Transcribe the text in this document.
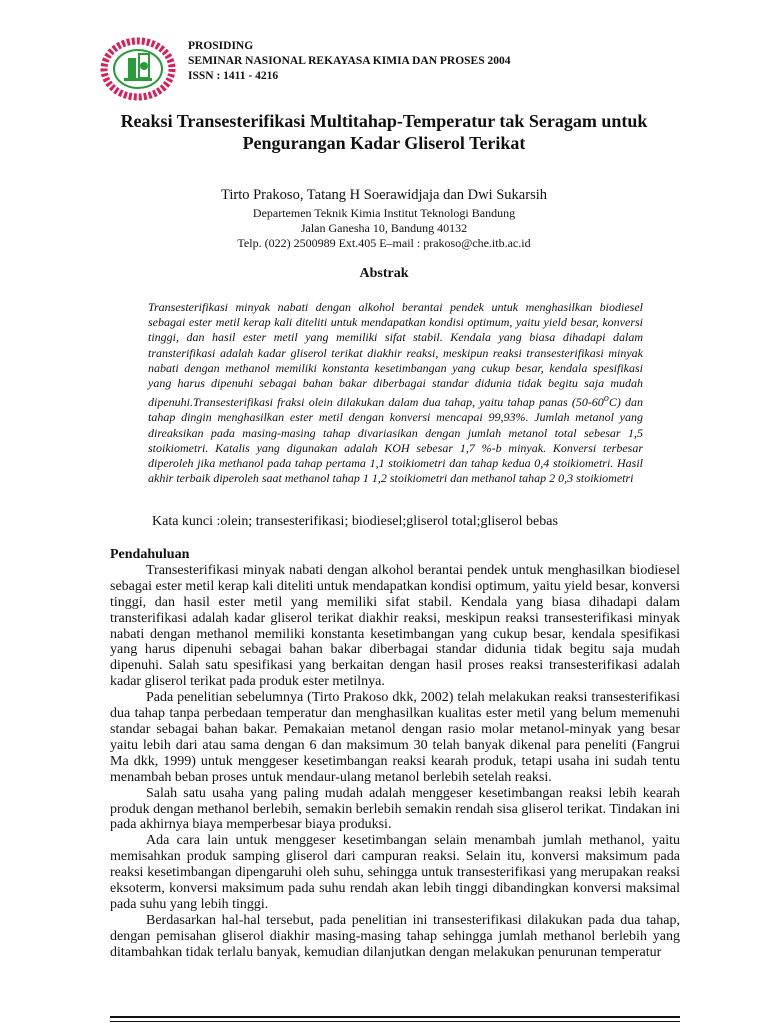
PROSIDING
SEMINAR NASIONAL REKAYASA KIMIA DAN PROSES 2004
ISSN : 1411 - 4216
Reaksi Transesterifikasi Multitahap-Temperatur tak Seragam untuk
Pengurangan Kadar Gliserol Terikat
Tirto Prakoso, Tatang H Soerawidjaja dan Dwi Sukarsih
Departemen Teknik Kimia Institut Teknologi Bandung
Jalan Ganesha 10, Bandung 40132
Telp. (022) 2500989 Ext.405 E–mail : prakoso@che.itb.ac.id
Abstrak
Transesterifikasi minyak nabati dengan alkohol berantai pendek untuk menghasilkan biodiesel sebagai ester metil kerap kali diteliti untuk mendapatkan kondisi optimum, yaitu yield besar, konversi tinggi, dan hasil ester metil yang memiliki sifat stabil. Kendala yang biasa dihadapi dalam transterifikasi adalah kadar gliserol terikat diakhir reaksi, meskipun reaksi transesterifikasi minyak nabati dengan methanol memiliki konstanta kesetimbangan yang cukup besar, kendala spesifikasi yang harus dipenuhi sebagai bahan bakar diberbagai standar didunia tidak begitu saja mudah dipenuhi.Transesterifikasi fraksi olein dilakukan dalam dua tahap, yaitu tahap panas (50-60$^o$C) dan tahap dingin menghasilkan ester metil dengan konversi mencapai 99,93%. Jumlah metanol yang direaksikan pada masing-masing tahap divariasikan dengan jumlah metanol total sebesar 1,5 stoikiometri. Katalis yang digunakan adalah KOH sebesar 1,7 %-b minyak. Konversi terbesar diperoleh jika methanol pada tahap pertama 1,1 stoikiometri dan tahap kedua 0,4 stoikiometri. Hasil akhir terbaik diperoleh saat methanol tahap 1 1,2 stoikiometri dan methanol tahap 2 0,3 stoikiometri
Kata kunci :olein; transesterifikasi; biodiesel;gliserol total;gliserol bebas
Pendahuluan

Transesterifikasi minyak nabati dengan alkohol berantai pendek untuk menghasilkan biodiesel sebagai ester metil kerap kali diteliti untuk mendapatkan kondisi optimum, yaitu yield besar, konversi tinggi, dan hasil ester metil yang memiliki sifat stabil. Kendala yang biasa dihadapi dalam transterifikasi adalah kadar gliserol terikat diakhir reaksi, meskipun reaksi transesterifikasi minyak nabati dengan methanol memiliki konstanta kesetimbangan yang cukup besar, kendala spesifikasi yang harus dipenuhi sebagai bahan bakar diberbagai standar didunia tidak begitu saja mudah dipenuhi. Salah satu spesifikasi yang berkaitan dengan hasil proses reaksi transesterifikasi adalah kadar gliserol terikat pada produk ester metilnya.

Pada penelitian sebelumnya (Tirto Prakoso dkk, 2002) telah melakukan reaksi transesterifikasi dua tahap tanpa perbedaan temperatur dan menghasilkan kualitas ester metil yang belum memenuhi standar sebagai bahan bakar. Pemakaian metanol dengan rasio molar metanol-minyak yang besar yaitu lebih dari atau sama dengan 6 dan maksimum 30 telah banyak dikenal para peneliti (Fangrui Ma dkk, 1999) untuk menggeser kesetimbangan reaksi kearah produk, tetapi usaha ini sudah tentu menambah beban proses untuk mendaur-ulang metanol berlebih setelah reaksi.

Salah satu usaha yang paling mudah adalah menggeser kesetimbangan reaksi lebih kearah produk dengan methanol berlebih, semakin berlebih semakin rendah sisa gliserol terikat. Tindakan ini pada akhirnya biaya memperbesar biaya produksi.

Ada cara lain untuk menggeser kesetimbangan selain menambah jumlah methanol, yaitu memisahkan produk samping gliserol dari campuran reaksi. Selain itu, konversi maksimum pada reaksi kesetimbangan dipengaruhi oleh suhu, sehingga untuk transesterifikasi yang merupakan reaksi eksoterm, konversi maksimum pada suhu rendah akan lebih tinggi dibandingkan konversi maksimal pada suhu yang lebih tinggi.

Berdasarkan hal-hal tersebut, pada penelitian ini transesterifikasi dilakukan pada dua tahap, dengan pemisahan gliserol diakhir masing-masing tahap sehingga jumlah methanol berlebih yang ditambahkan tidak terlalu banyak, kemudian dilanjutkan dengan melakukan penurunan temperatur
